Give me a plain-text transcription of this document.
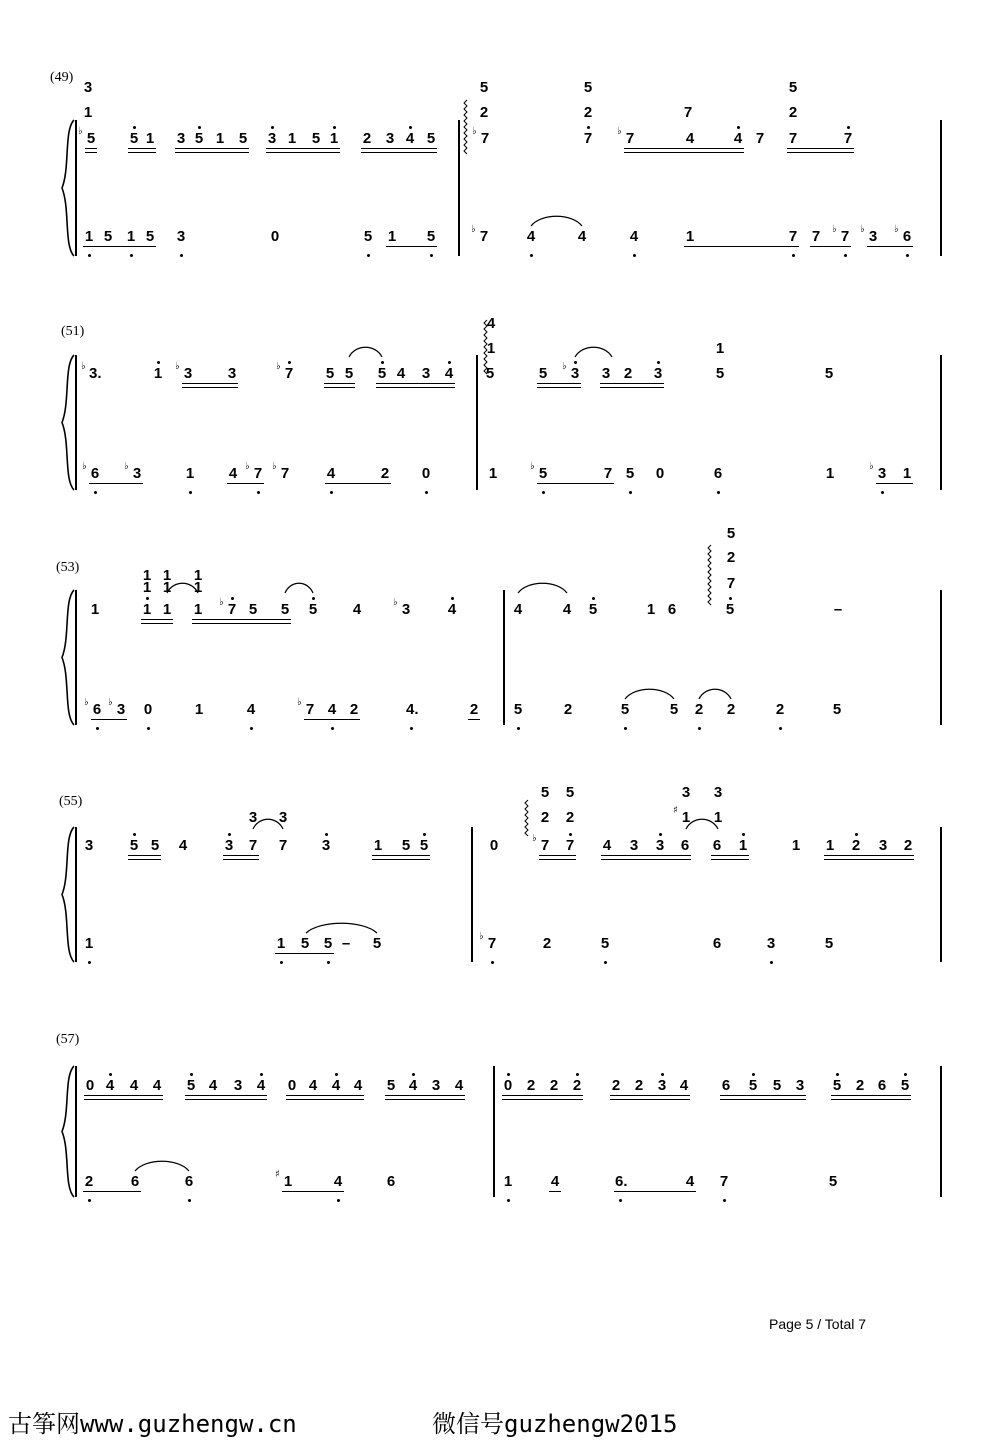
(49)
(51)
(53)
(55)
(57)
5
♭	5 1 3 5 1 5 3 1 5 1 2 3 4 5	7
♭	7 7
♭	4	4 7 7	7
1 5 1 5 3	0	5 1 5	7
♭	4	4	4	1	7 7 7
♭ 3
♭	6
♭
3.
♭	1 3
♭	3	7
♭	5 5 5 4 3 4 5	5 3
♭ 3 2 3	5	5
6
♭	3
♭	1 4 7
♭ 7
♭	4	2 0	1	5
♭	7 5 0	6	1	3
♭ 1
1	1 1 1 7
♭ 5 5 5 4	3
♭	4	4	4 5	1 6	5	–
6
♭ 3
♭ 0	1	4	7
♭ 4 2	4.	2 5	2	5	5 2 2	2	5
3 5 5 4	3 7 7 3	1 5 5	0	7
♭ 7 4 3 3 6 6 1	1 1 2 3 2
1	–
1 5 5	5	7
♭	2	5	6	3	5
0 4 4 4 5 4 3 4 0 4 4 4 5 4 3 4	0 2 2 2 2 2 3 4 6 5 5 3 5 2 6 5
2	6	6	1
♯	4	6	1	4	6.	4 7	5
3
1
5
2
5
2	7
5
2
4
1	1
1
1
1
1
1
1
5
2
7
3 3
5
2
5
2
3
1
3
1
♯
Page 5 / Total 7
古筝网www.guzhengw.cn	微信号guzhengw2015
